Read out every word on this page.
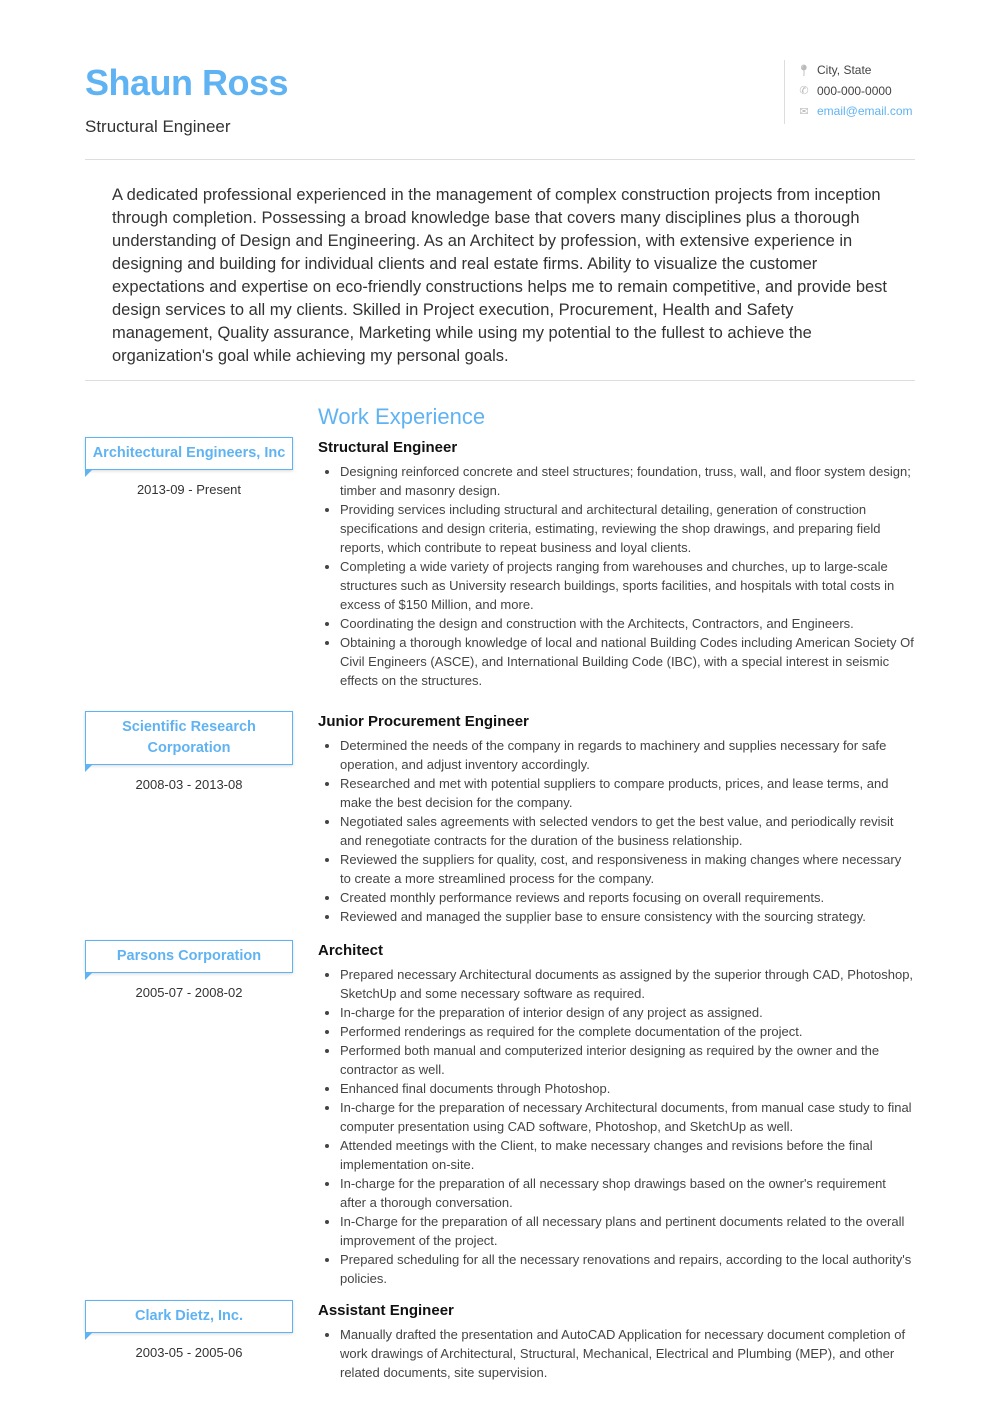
Shaun Ross
Structural Engineer
📍︎ City, State
✆ 000-000-0000
✉ email@email.com
A dedicated professional experienced in the management of complex construction projects from inception through completion. Possessing a broad knowledge base that covers many disciplines plus a thorough understanding of Design and Engineering. As an Architect by profession, with extensive experience in designing and building for individual clients and real estate firms. Ability to visualize the customer expectations and expertise on eco-friendly constructions helps me to remain competitive, and provide best design services to all my clients. Skilled in Project execution, Procurement, Health and Safety management, Quality assurance, Marketing while using my potential to the fullest to achieve the organization's goal while achieving my personal goals.
Work Experience
Architectural Engineers, Inc
2013-09 - Present
Structural Engineer
• Designing reinforced concrete and steel structures; foundation, truss, wall, and floor system design; timber and masonry design.
• Providing services including structural and architectural detailing, generation of construction specifications and design criteria, estimating, reviewing the shop drawings, and preparing field reports, which contribute to repeat business and loyal clients.
• Completing a wide variety of projects ranging from warehouses and churches, up to large-scale structures such as University research buildings, sports facilities, and hospitals with total costs in excess of $150 Million, and more.
• Coordinating the design and construction with the Architects, Contractors, and Engineers.
• Obtaining a thorough knowledge of local and national Building Codes including American Society Of Civil Engineers (ASCE), and International Building Code (IBC), with a special interest in seismic effects on the structures.
Scientific Research Corporation
2008-03 - 2013-08
Junior Procurement Engineer
• Determined the needs of the company in regards to machinery and supplies necessary for safe operation, and adjust inventory accordingly.
• Researched and met with potential suppliers to compare products, prices, and lease terms, and make the best decision for the company.
• Negotiated sales agreements with selected vendors to get the best value, and periodically revisit and renegotiate contracts for the duration of the business relationship.
• Reviewed the suppliers for quality, cost, and responsiveness in making changes where necessary to create a more streamlined process for the company.
• Created monthly performance reviews and reports focusing on overall requirements.
• Reviewed and managed the supplier base to ensure consistency with the sourcing strategy.
Parsons Corporation
2005-07 - 2008-02
Architect
• Prepared necessary Architectural documents as assigned by the superior through CAD, Photoshop, SketchUp and some necessary software as required.
• In-charge for the preparation of interior design of any project as assigned.
• Performed renderings as required for the complete documentation of the project.
• Performed both manual and computerized interior designing as required by the owner and the contractor as well.
• Enhanced final documents through Photoshop.
• In-charge for the preparation of necessary Architectural documents, from manual case study to final computer presentation using CAD software, Photoshop, and SketchUp as well.
• Attended meetings with the Client, to make necessary changes and revisions before the final implementation on-site.
• In-charge for the preparation of all necessary shop drawings based on the owner's requirement after a thorough conversation.
• In-Charge for the preparation of all necessary plans and pertinent documents related to the overall improvement of the project.
• Prepared scheduling for all the necessary renovations and repairs, according to the local authority's policies.
Clark Dietz, Inc.
2003-05 - 2005-06
Assistant Engineer
• Manually drafted the presentation and AutoCAD Application for necessary document completion of work drawings of Architectural, Structural, Mechanical, Electrical and Plumbing (MEP), and other related documents, site supervision.
